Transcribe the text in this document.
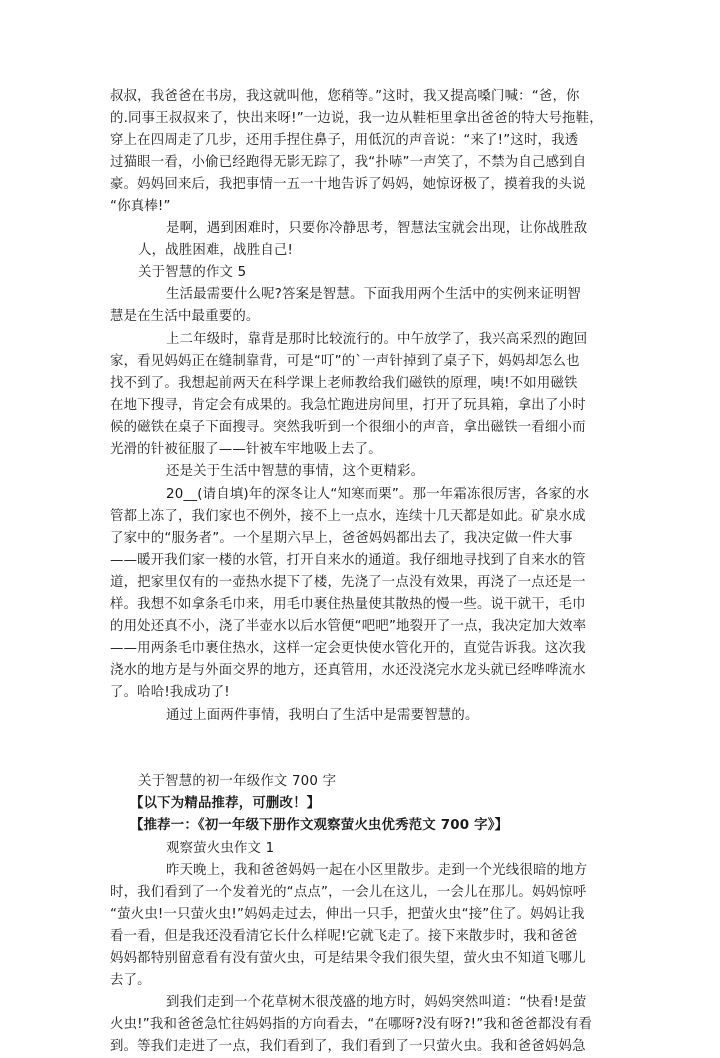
叔叔，我爸爸在书房，我这就叫他，您稍等。”这时，我又提高嗓门喊：“爸，你

的.同事王叔叔来了，快出来呀!”一边说，我一边从鞋柜里拿出爸爸的特大号拖鞋，

穿上在四周走了几步，还用手捏住鼻子，用低沉的声音说：“来了!”这时，我透

过猫眼一看，小偷已经跑得无影无踪了，我“扑哧”一声笑了，不禁为自己感到自

豪。妈妈回来后，我把事情一五一十地告诉了妈妈，她惊讶极了，摸着我的头说

“你真棒!”

是啊，遇到困难时，只要你冷静思考，智慧法宝就会出现，让你战胜敌

人，战胜困难，战胜自己!

关于智慧的作文 5

生活最需要什么呢?答案是智慧。下面我用两个生活中的实例来证明智

慧是在生活中最重要的。

上二年级时，靠背是那时比较流行的。中午放学了，我兴高采烈的跑回

家，看见妈妈正在缝制靠背，可是“叮”的`一声针掉到了桌子下，妈妈却怎么也

找不到了。我想起前两天在科学课上老师教给我们磁铁的原理，咦!不如用磁铁

在地下搜寻，肯定会有成果的。我急忙跑进房间里，打开了玩具箱，拿出了小时

候的磁铁在桌子下面搜寻。突然我听到一个很细小的声音，拿出磁铁一看细小而

光滑的针被征服了——针被车牢地吸上去了。

还是关于生活中智慧的事情，这个更精彩。

20__(请自填)年的深冬让人“知寒而栗”。那一年霜冻很厉害，各家的水

管都上冻了，我们家也不例外，接不上一点水，连续十几天都是如此。矿泉水成

了家中的“服务者”。一个星期六早上，爸爸妈妈都出去了，我决定做一件大事

——暖开我们家一楼的水管，打开自来水的通道。我仔细地寻找到了自来水的管

道，把家里仅有的一壶热水提下了楼，先浇了一点没有效果，再浇了一点还是一

样。我想不如拿条毛巾来，用毛巾裹住热量使其散热的慢一些。说干就干，毛巾

的用处还真不小，浇了半壶水以后水管便“吧吧”地裂开了一点，我决定加大效率

——用两条毛巾裹住热水，这样一定会更快使水管化开的，直觉告诉我。这次我

浇水的地方是与外面交界的地方，还真管用，水还没浇完水龙头就已经哗哗流水

了。哈哈!我成功了!

通过上面两件事情，我明白了生活中是需要智慧的。

关于智慧的初一年级作文 700 字

【以下为精品推荐，可删改！】

【推荐一：《初一年级下册作文观察萤火虫优秀范文 700 字》】

观察萤火虫作文 1

昨天晚上，我和爸爸妈妈一起在小区里散步。走到一个光线很暗的地方

时，我们看到了一个发着光的“点点”，一会儿在这儿，一会儿在那儿。妈妈惊呼

“萤火虫!一只萤火虫!”妈妈走过去，伸出一只手，把萤火虫“接”住了。妈妈让我

看一看，但是我还没看清它长什么样呢!它就飞走了。接下来散步时，我和爸爸

妈妈都特别留意看有没有萤火虫，可是结果令我们很失望，萤火虫不知道飞哪儿

去了。

到我们走到一个花草树木很茂盛的地方时，妈妈突然叫道：“快看!是萤

火虫!”我和爸爸急忙往妈妈指的方向看去，“在哪呀?没有呀?!”我和爸爸都没有看

到。等我们走进了一点，我们看到了，我们看到了一只萤火虫。我和爸爸妈妈急
